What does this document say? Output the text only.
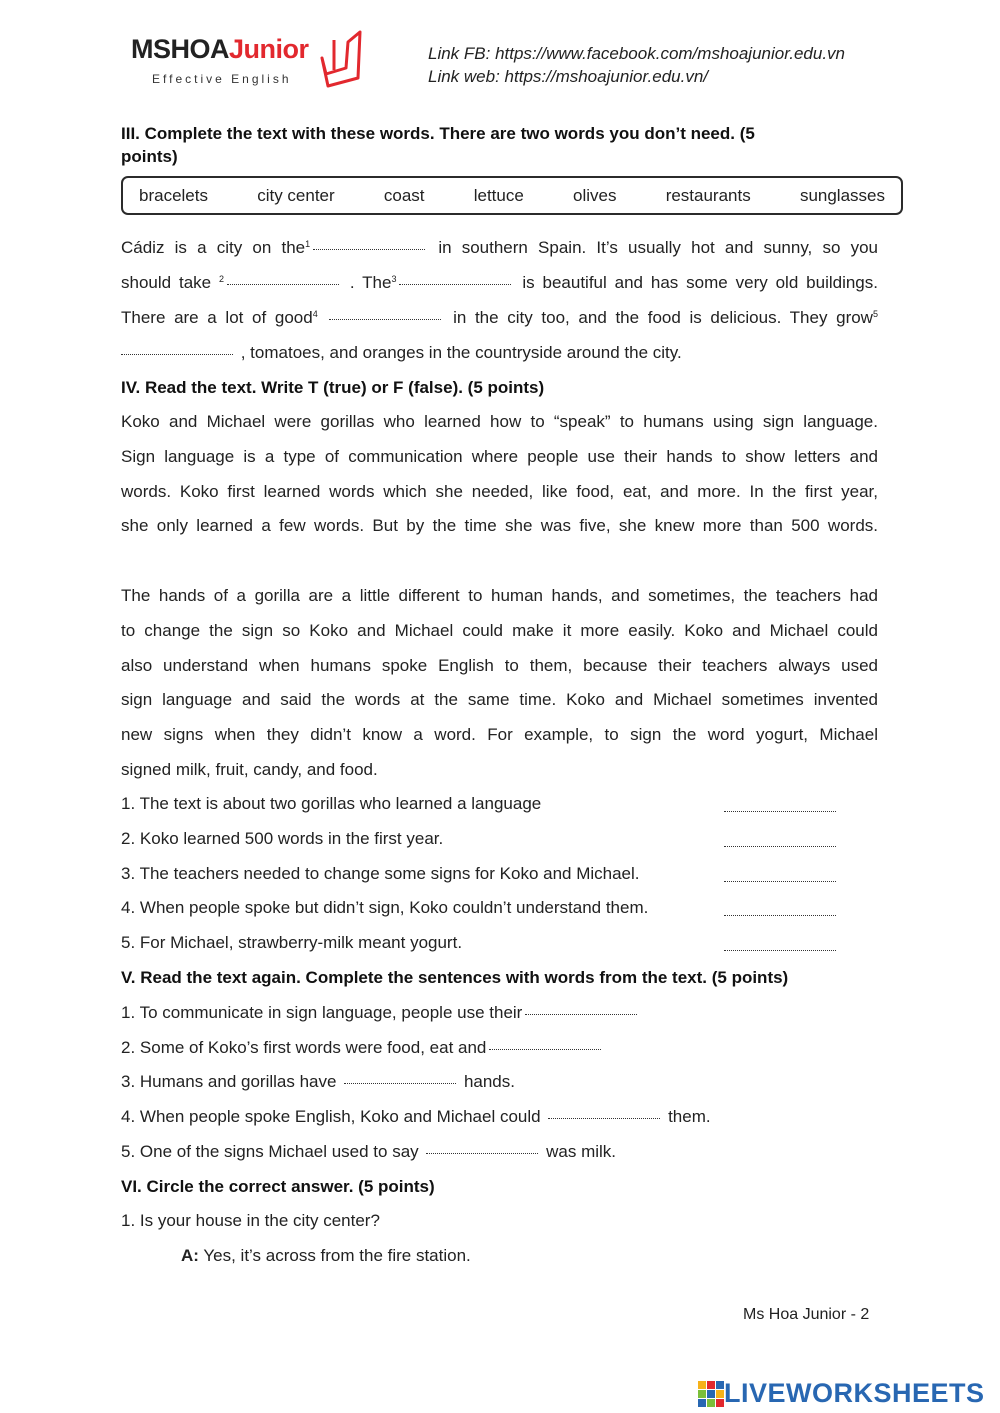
MSHOAJunior
Effective English
Link FB: https://www.facebook.com/mshoajunior.edu.vn
Link web: https://mshoajunior.edu.vn/
III. Complete the text with these words. There are two words you don’t need. (5
points)
bracelets	city center	coast	lettuce	olives	restaurants	sunglasses
Cádiz is a city on the$^1$	in southern Spain. It’s usually hot and sunny, so you
should take $^2$	. The$^3$	is beautiful and has some very old buildings.
There are a lot of good$^4$	in the city too, and the food is delicious. They grow$^5$
, tomatoes, and oranges in the countryside around the city.
IV. Read the text. Write T (true) or F (false). (5 points)
Koko and Michael were gorillas who learned how to “speak” to humans using sign language.
Sign language is a type of communication where people use their hands to show letters and
words. Koko first learned words which she needed, like food, eat, and more. In the first year,
she only learned a few words. But by the time she was five, she knew more than 500 words.
The hands of a gorilla are a little different to human hands, and sometimes, the teachers had
to change the sign so Koko and Michael could make it more easily. Koko and Michael could
also understand when humans spoke English to them, because their teachers always used
sign language and said the words at the same time. Koko and Michael sometimes invented
new signs when they didn’t know a word. For example, to sign the word yogurt, Michael
signed milk, fruit, candy, and food.
1. The text is about two gorillas who learned a language
2. Koko learned 500 words in the first year.
3. The teachers needed to change some signs for Koko and Michael.
4. When people spoke but didn’t sign, Koko couldn’t understand them.
5. For Michael, strawberry-milk meant yogurt.
V. Read the text again. Complete the sentences with words from the text. (5 points)
1. To communicate in sign language, people use their
2. Some of Koko’s first words were food, eat and
3. Humans and gorillas have	hands.
4. When people spoke English, Koko and Michael could	them.
5. One of the signs Michael used to say	was milk.
VI. Circle the correct answer. (5 points)
1. Is your house in the city center?
A: Yes, it’s across from the fire station.
Ms Hoa Junior - 2
LIVEWORKSHEETS
